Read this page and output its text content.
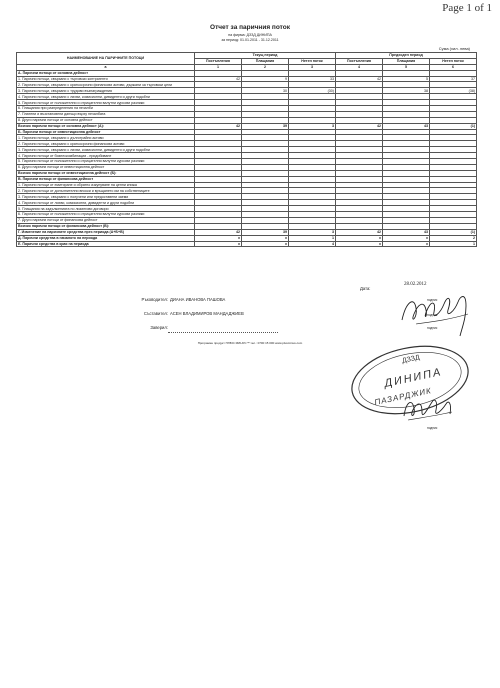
Page 1 of 1
Отчет за паричния поток
на фирма: ДЗЗД ДИНИПА
за период: 01.01.2011 - 31.12.2011
Сума (хил. лева)
НАИМЕНОВАНИЕ НА ПАРИЧНИТЕ ПОТОЦИ	Текущ период			Предходен период		
	Постъпления	Плащания	Нетен поток	Постъпления	Плащания	Нетен поток
а	1	2	3	4	5	6
А. Парични потоци от основна дейност						
1. Парични потоци, свързани с търговски контрагенти	42	9	33	42	5	37
2. Парични потоци, свързани с краткосрочни финансови активи, държани за търговски цели						
3. Парични потоци, свързани с трудови възнаграждения		30	(30)		38	(38)
4. Парични потоци, свързани с лихви, комисионни, дивиденти и други подобни						
5. Парични потоци от положителни и отрицателни валутни курсови разлики						
6. Плащания при разпределения на печалби						
7. Платени и възстановени данъци върху печалбата						
8. Други парични потоци от основна дейност						
Всичко парични потоци от основна дейност (А):	42	39	3	42	43	(1)
Б. Парични потоци от инвестиционна дейност						
1. Парични потоци, свързани с дълготрайни активи						
2. Парични потоци, свързани с краткосрочни финансови активи						
3. Парични потоци, свързани с лихви, комисионни, дивиденти и други подобни						
4. Парични потоци от бизнескомбинации - придобиване						
5. Парични потоци от положителни и отрицателни валутни курсови разлики						
6. Други парични потоци от инвестиционна дейност						
Всичко парични потоци от инвестиционна дейност (Б):						
В. Парични потоци от финансова дейност						
1. Парични потоци от емитиране и обратно изкупуване на ценни книжа						
2. Парични потоци от допълнителни вноски и връщането им на собствениците						
3. Парични потоци, свързани с получени или предоставени заеми						
4. Парични потоци от лихви, комисионни, дивиденти и други подобни						
5. Плащания на задълженията по лизингови договори						
6. Парични потоци от положителни и отрицателни валутни курсови разлики						
7. Други парични потоци от финансова дейност						
Всичко парични потоци от финансова дейност (В):						
Г. Изменение на паричните средства през периода (А+Б+В)	42	39	3	42	43	(1)
Д. Парични средства в началото на периода	x	x	1	x	x	2
Е. Парични средства в края на периода	x	x	4	x	x	1
Дата:
28.02.2012
Ръководител: ДИАНА ИВАНОВА ПАШОВА
Съставител: АСЕН ВЛАДИМИРОВ МАНДАДЖИЕВ
Заверил:
подпис
подпис
подпис
подпис
ДЗЗД
ДИНИПА
ПАЗАРДЖИК
Програмен продукт ПЛЮС МИНУС™ тел.: 0700 15 000 www.plusminus.com
